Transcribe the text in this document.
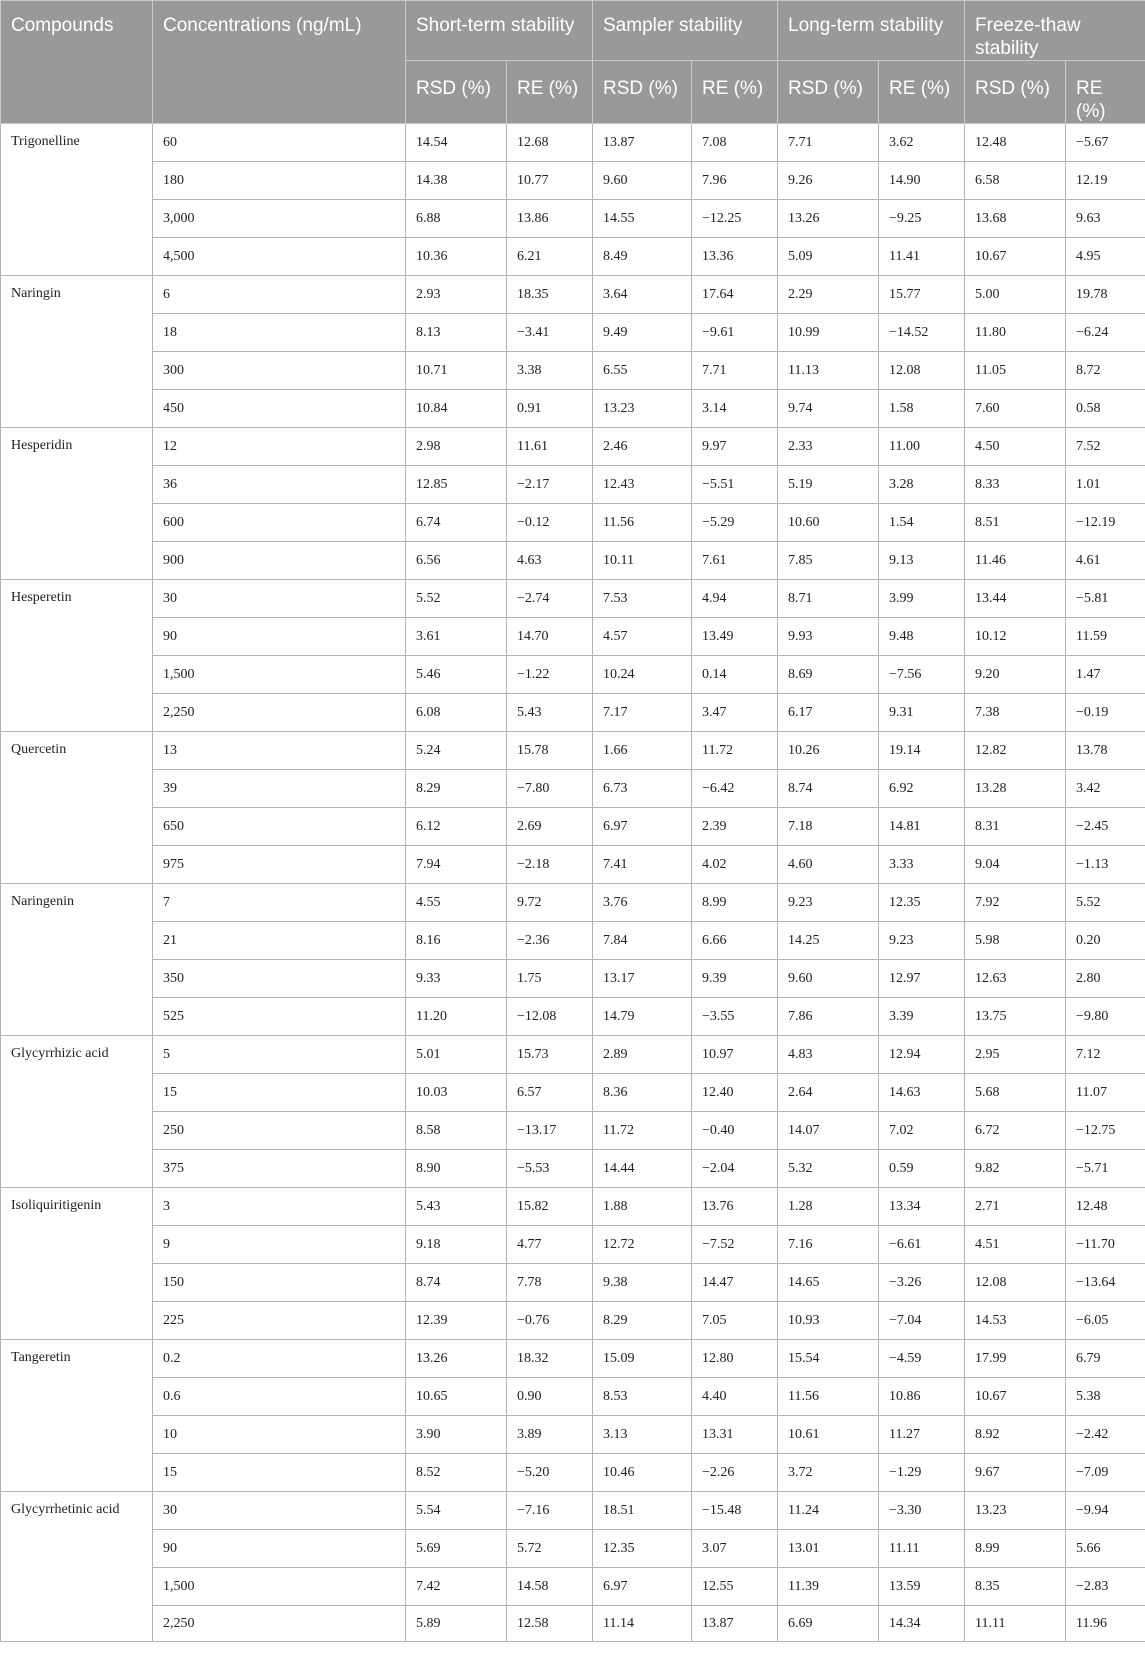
Compounds	Concentrations (ng/mL)	Short-term stability		Sampler stability		Long-term stability		Freeze-thaw stability	
		RSD (%)	RE (%)	RSD (%)	RE (%)	RSD (%)	RE (%)	RSD (%)	RE (%)
Trigonelline	60	14.54	12.68	13.87	7.08	7.71	3.62	12.48	−5.67
	180	14.38	10.77	9.60	7.96	9.26	14.90	6.58	12.19
	3,000	6.88	13.86	14.55	−12.25	13.26	−9.25	13.68	9.63
	4,500	10.36	6.21	8.49	13.36	5.09	11.41	10.67	4.95
Naringin	6	2.93	18.35	3.64	17.64	2.29	15.77	5.00	19.78
	18	8.13	−3.41	9.49	−9.61	10.99	−14.52	11.80	−6.24
	300	10.71	3.38	6.55	7.71	11.13	12.08	11.05	8.72
	450	10.84	0.91	13.23	3.14	9.74	1.58	7.60	0.58
Hesperidin	12	2.98	11.61	2.46	9.97	2.33	11.00	4.50	7.52
	36	12.85	−2.17	12.43	−5.51	5.19	3.28	8.33	1.01
	600	6.74	−0.12	11.56	−5.29	10.60	1.54	8.51	−12.19
	900	6.56	4.63	10.11	7.61	7.85	9.13	11.46	4.61
Hesperetin	30	5.52	−2.74	7.53	4.94	8.71	3.99	13.44	−5.81
	90	3.61	14.70	4.57	13.49	9.93	9.48	10.12	11.59
	1,500	5.46	−1.22	10.24	0.14	8.69	−7.56	9.20	1.47
	2,250	6.08	5.43	7.17	3.47	6.17	9.31	7.38	−0.19
Quercetin	13	5.24	15.78	1.66	11.72	10.26	19.14	12.82	13.78
	39	8.29	−7.80	6.73	−6.42	8.74	6.92	13.28	3.42
	650	6.12	2.69	6.97	2.39	7.18	14.81	8.31	−2.45
	975	7.94	−2.18	7.41	4.02	4.60	3.33	9.04	−1.13
Naringenin	7	4.55	9.72	3.76	8.99	9.23	12.35	7.92	5.52
	21	8.16	−2.36	7.84	6.66	14.25	9.23	5.98	0.20
	350	9.33	1.75	13.17	9.39	9.60	12.97	12.63	2.80
	525	11.20	−12.08	14.79	−3.55	7.86	3.39	13.75	−9.80
Glycyrrhizic acid	5	5.01	15.73	2.89	10.97	4.83	12.94	2.95	7.12
	15	10.03	6.57	8.36	12.40	2.64	14.63	5.68	11.07
	250	8.58	−13.17	11.72	−0.40	14.07	7.02	6.72	−12.75
	375	8.90	−5.53	14.44	−2.04	5.32	0.59	9.82	−5.71
Isoliquiritigenin	3	5.43	15.82	1.88	13.76	1.28	13.34	2.71	12.48
	9	9.18	4.77	12.72	−7.52	7.16	−6.61	4.51	−11.70
	150	8.74	7.78	9.38	14.47	14.65	−3.26	12.08	−13.64
	225	12.39	−0.76	8.29	7.05	10.93	−7.04	14.53	−6.05
Tangeretin	0.2	13.26	18.32	15.09	12.80	15.54	−4.59	17.99	6.79
	0.6	10.65	0.90	8.53	4.40	11.56	10.86	10.67	5.38
	10	3.90	3.89	3.13	13.31	10.61	11.27	8.92	−2.42
	15	8.52	−5.20	10.46	−2.26	3.72	−1.29	9.67	−7.09
Glycyrrhetinic acid	30	5.54	−7.16	18.51	−15.48	11.24	−3.30	13.23	−9.94
	90	5.69	5.72	12.35	3.07	13.01	11.11	8.99	5.66
	1,500	7.42	14.58	6.97	12.55	11.39	13.59	8.35	−2.83
	2,250	5.89	12.58	11.14	13.87	6.69	14.34	11.11	11.96
